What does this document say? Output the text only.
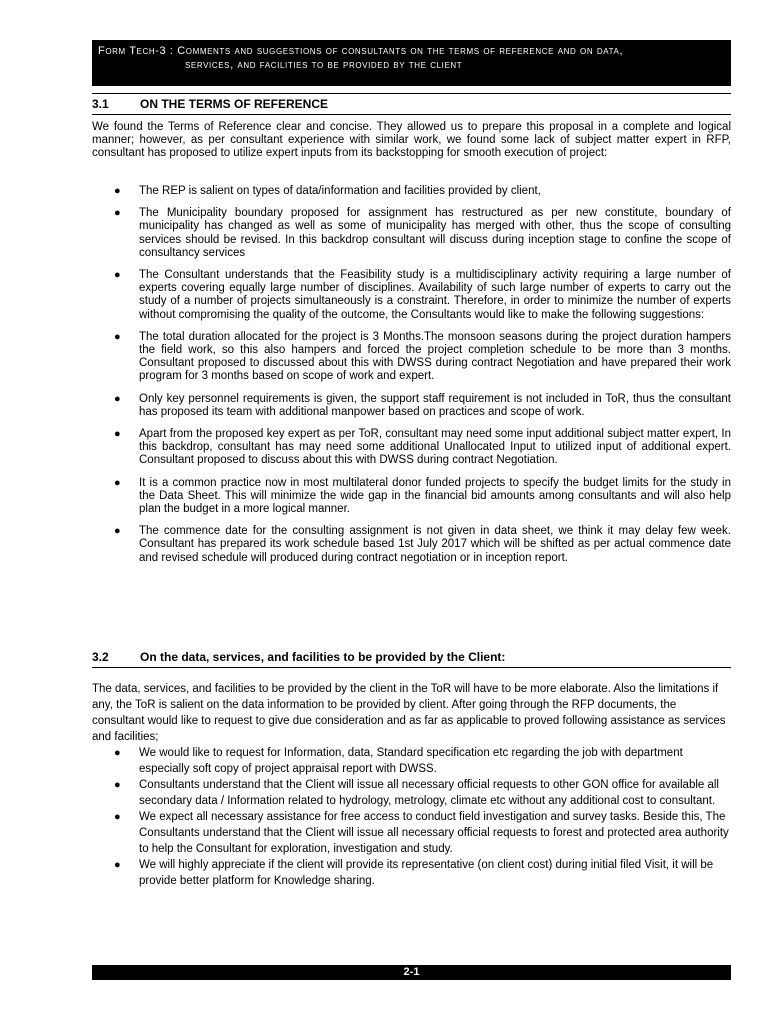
Form Tech-3 : Comments and suggestions of consultants on the terms of reference and on data,
services, and facilities to be provided by the client
3.1	ON THE TERMS OF REFERENCE
We found the Terms of Reference clear and concise. They allowed us to prepare this proposal in a complete and logical manner; however, as per consultant experience with similar work, we found some lack of subject matter expert in RFP, consultant has proposed to utilize expert inputs from its backstopping for smooth execution of project:
● The REP is salient on types of data/information and facilities provided by client,
● The Municipality boundary proposed for assignment has restructured as per new constitute, boundary of municipality has changed as well as some of municipality has merged with other, thus the scope of consulting services should be revised. In this backdrop consultant will discuss during inception stage to confine the scope of consultancy services
● The Consultant understands that the Feasibility study is a multidisciplinary activity requiring a large number of experts covering equally large number of disciplines. Availability of such large number of experts to carry out the study of a number of projects simultaneously is a constraint. Therefore, in order to minimize the number of experts without compromising the quality of the outcome, the Consultants would like to make the following suggestions:
● The total duration allocated for the project is 3 Months.The monsoon seasons during the project duration hampers the field work, so this also hampers and forced the project completion schedule to be more than 3 months. Consultant proposed to discussed about this with DWSS during contract Negotiation and have prepared their work program for 3 months based on scope of work and expert.
● Only key personnel requirements is given, the support staff requirement is not included in ToR, thus the consultant has proposed its team with additional manpower based on practices and scope of work.
● Apart from the proposed key expert as per ToR, consultant may need some input additional subject matter expert, In this backdrop, consultant has may need some additional Unallocated Input to utilized input of additional expert. Consultant proposed to discuss about this with DWSS during contract Negotiation.
● It is a common practice now in most multilateral donor funded projects to specify the budget limits for the study in the Data Sheet. This will minimize the wide gap in the financial bid amounts among consultants and will also help plan the budget in a more logical manner.
● The commence date for the consulting assignment is not given in data sheet, we think it may delay few week. Consultant has prepared its work schedule based 1st July 2017 which will be shifted as per actual commence date and revised schedule will produced during contract negotiation or in inception report.
3.2	On the data, services, and facilities to be provided by the Client:
The data, services, and facilities to be provided by the client in the ToR will have to be more elaborate. Also the limitations if any, the ToR is salient on the data information to be provided by client. After going through the RFP documents, the consultant would like to request to give due consideration and as far as applicable to proved following assistance as services and facilities;
● We would like to request for Information, data, Standard specification etc regarding the job with department especially soft copy of project appraisal report with DWSS.
● Consultants understand that the Client will issue all necessary official requests to other GON office for available all secondary data / Information related to hydrology, metrology, climate etc without any additional cost to consultant.
● We expect all necessary assistance for free access to conduct field investigation and survey tasks. Beside this, The Consultants understand that the Client will issue all necessary official requests to forest and protected area authority to help the Consultant for exploration, investigation and study.
● We will highly appreciate if the client will provide its representative (on client cost) during initial filed Visit, it will be provide better platform for Knowledge sharing.
2-1
